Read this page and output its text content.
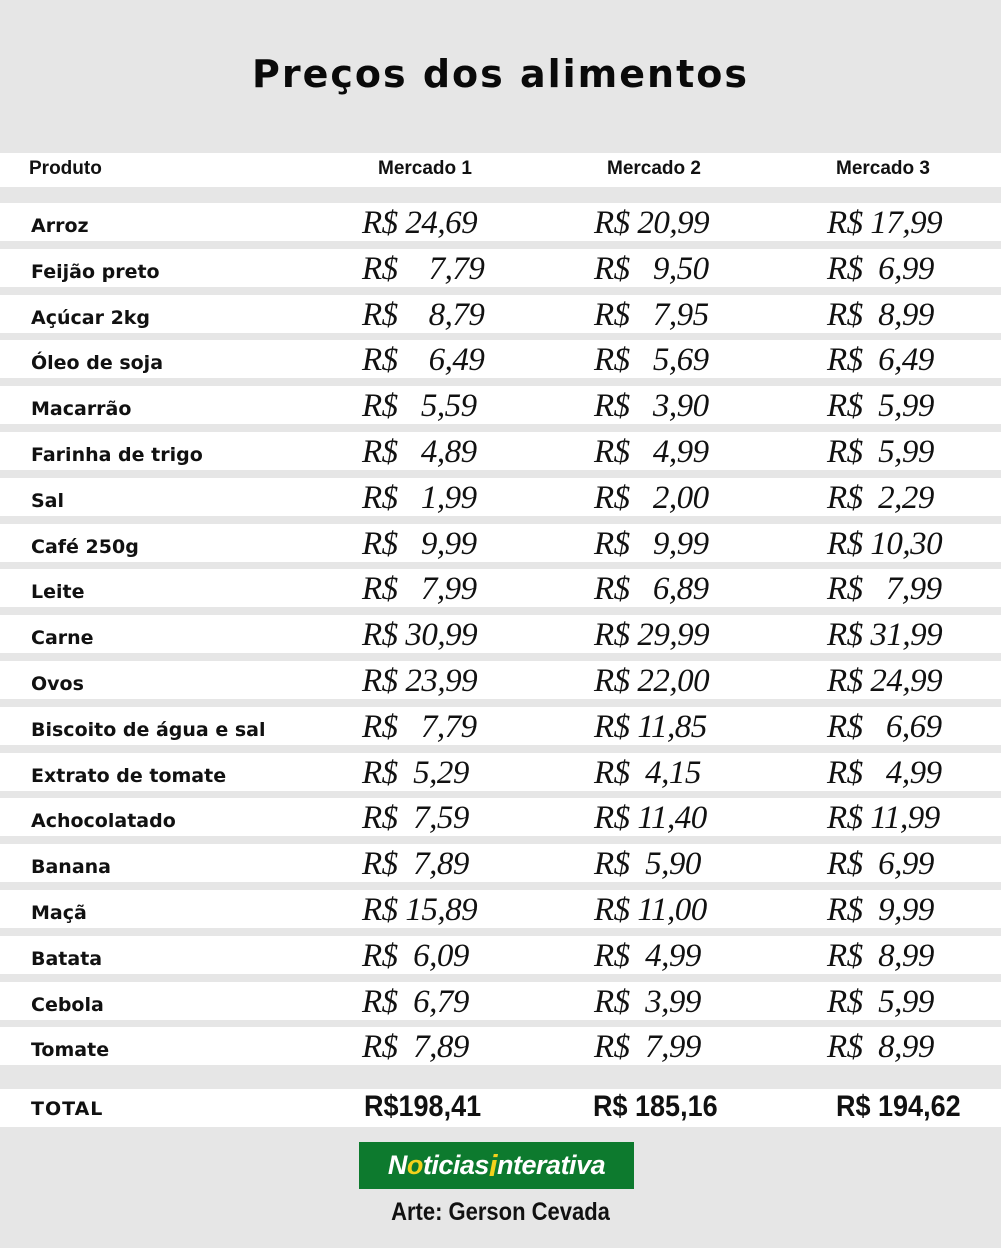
Preços dos alimentos
Produto	Mercado 1	Mercado 2	Mercado 3
Arroz	R$ 24,69	R$ 20,99	R$ 17,99
Feijão preto	R$    7,79	R$   9,50	R$  6,99
Açúcar 2kg	R$    8,79	R$   7,95	R$  8,99
Óleo de soja	R$    6,49	R$   5,69	R$  6,49
Macarrão	R$   5,59	R$   3,90	R$  5,99
Farinha de trigo	R$   4,89	R$   4,99	R$  5,99
Sal	R$   1,99	R$   2,00	R$  2,29
Café 250g	R$   9,99	R$   9,99	R$ 10,30
Leite	R$   7,99	R$   6,89	R$   7,99
Carne	R$ 30,99	R$ 29,99	R$ 31,99
Ovos	R$ 23,99	R$ 22,00	R$ 24,99
Biscoito de água e sal	R$   7,79	R$ 11,85	R$   6,69
Extrato de tomate	R$  5,29	R$  4,15	R$   4,99
Achocolatado	R$  7,59	R$ 11,40	R$ 11,99
Banana	R$  7,89	R$  5,90	R$  6,99
Maçã	R$ 15,89	R$ 11,00	R$  9,99
Batata	R$  6,09	R$  4,99	R$  8,99
Cebola	R$  6,79	R$  3,99	R$  5,99
Tomate	R$  7,89	R$  7,99	R$  8,99
TOTAL	R$198,41	R$ 185,16	R$ 194,62
N o ticias i nterativa
Arte: Gerson Cevada
